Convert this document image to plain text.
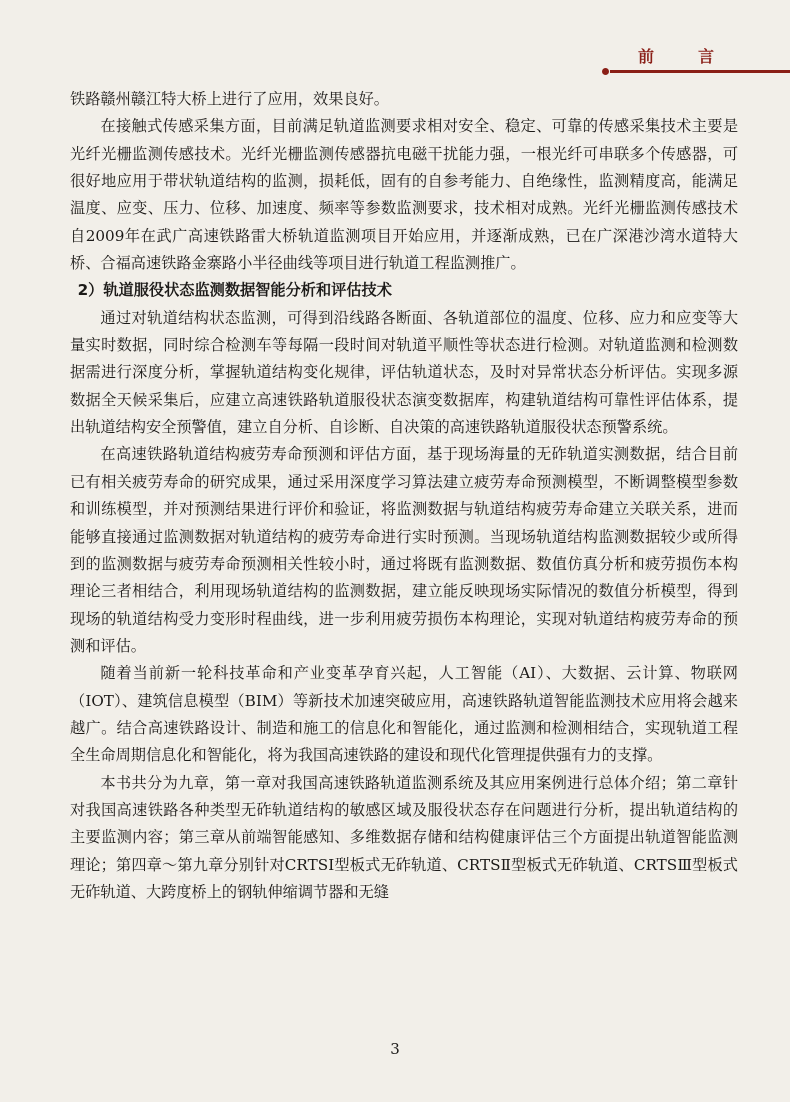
前　言

铁路赣州赣江特大桥上进行了应用，效果良好。

在接触式传感采集方面，目前满足轨道监测要求相对安全、稳定、可靠的传感采集技术主要是光纤光栅监测传感技术。光纤光栅监测传感器抗电磁干扰能力强，一根光纤可串联多个传感器，可很好地应用于带状轨道结构的监测，损耗低，固有的自参考能力、自绝缘性，监测精度高，能满足温度、应变、压力、位移、加速度、频率等参数监测要求，技术相对成熟。光纤光栅监测传感技术自2009年在武广高速铁路雷大桥轨道监测项目开始应用，并逐渐成熟，已在广深港沙湾水道特大桥、合福高速铁路金寨路小半径曲线等项目进行轨道工程监测推广。

2）轨道服役状态监测数据智能分析和评估技术

通过对轨道结构状态监测，可得到沿线路各断面、各轨道部位的温度、位移、应力和应变等大量实时数据，同时综合检测车等每隔一段时间对轨道平顺性等状态进行检测。对轨道监测和检测数据需进行深度分析，掌握轨道结构变化规律，评估轨道状态，及时对异常状态分析评估。实现多源数据全天候采集后，应建立高速铁路轨道服役状态演变数据库，构建轨道结构可靠性评估体系，提出轨道结构安全预警值，建立自分析、自诊断、自决策的高速铁路轨道服役状态预警系统。

在高速铁路轨道结构疲劳寿命预测和评估方面，基于现场海量的无砟轨道实测数据，结合目前已有相关疲劳寿命的研究成果，通过采用深度学习算法建立疲劳寿命预测模型，不断调整模型参数和训练模型，并对预测结果进行评价和验证，将监测数据与轨道结构疲劳寿命建立关联关系，进而能够直接通过监测数据对轨道结构的疲劳寿命进行实时预测。当现场轨道结构监测数据较少或所得到的监测数据与疲劳寿命预测相关性较小时，通过将既有监测数据、数值仿真分析和疲劳损伤本构理论三者相结合，利用现场轨道结构的监测数据，建立能反映现场实际情况的数值分析模型，得到现场的轨道结构受力变形时程曲线，进一步利用疲劳损伤本构理论，实现对轨道结构疲劳寿命的预测和评估。

随着当前新一轮科技革命和产业变革孕育兴起，人工智能（AI）、大数据、云计算、物联网（IOT）、建筑信息模型（BIM）等新技术加速突破应用，高速铁路轨道智能监测技术应用将会越来越广。结合高速铁路设计、制造和施工的信息化和智能化，通过监测和检测相结合，实现轨道工程全生命周期信息化和智能化，将为我国高速铁路的建设和现代化管理提供强有力的支撑。

本书共分为九章，第一章对我国高速铁路轨道监测系统及其应用案例进行总体介绍；第二章针对我国高速铁路各种类型无砟轨道结构的敏感区域及服役状态存在问题进行分析，提出轨道结构的主要监测内容；第三章从前端智能感知、多维数据存储和结构健康评估三个方面提出轨道智能监测理论；第四章～第九章分别针对CRTSⅠ型板式无砟轨道、CRTSⅡ型板式无砟轨道、CRTSⅢ型板式无砟轨道、大跨度桥上的钢轨伸缩调节器和无缝

3
